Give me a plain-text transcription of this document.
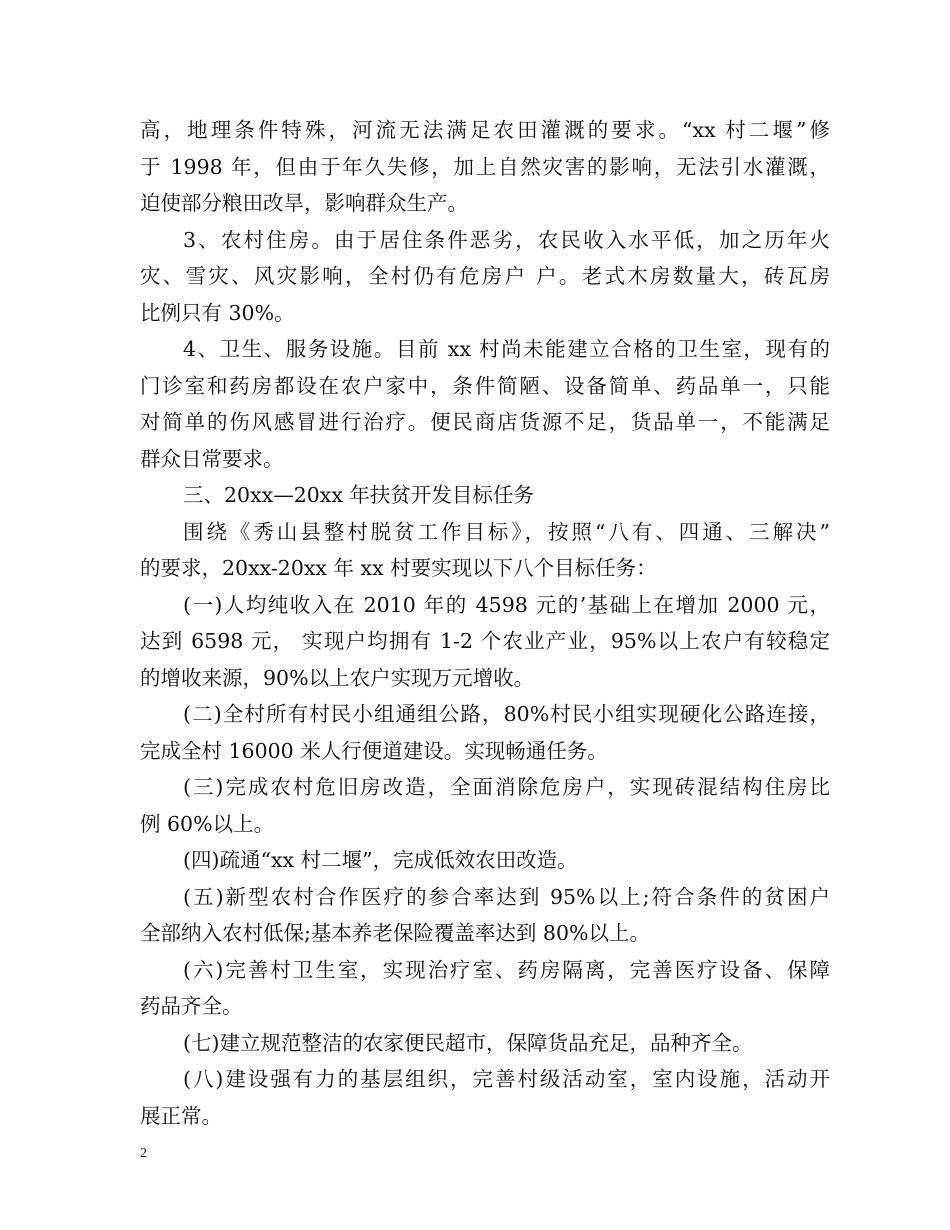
高，地理条件特殊，河流无法满足农田灌溉的要求。“xx 村二堰”修
于 1998 年，但由于年久失修，加上自然灾害的影响，无法引水灌溉，
迫使部分粮田改旱，影响群众生产。
3、农村住房。由于居住条件恶劣，农民收入水平低，加之历年火
灾、雪灾、风灾影响，全村仍有危房户 户。老式木房数量大，砖瓦房
比例只有 30%。
4、卫生、服务设施。目前 xx 村尚未能建立合格的卫生室，现有的
门诊室和药房都设在农户家中，条件简陋、设备简单、药品单一，只能
对简单的伤风感冒进行治疗。便民商店货源不足，货品单一，不能满足
群众日常要求。
三、20xx—20xx 年扶贫开发目标任务
围绕《秀山县整村脱贫工作目标》，按照“八有、四通、三解决”
的要求，20xx-20xx 年 xx 村要实现以下八个目标任务：
(一)人均纯收入在 2010 年的 4598 元的’基础上在增加 2000 元，
达到 6598 元， 实现户均拥有 1-2 个农业产业，95%以上农户有较稳定
的增收来源，90%以上农户实现万元增收。
(二)全村所有村民小组通组公路，80%村民小组实现硬化公路连接，
完成全村 16000 米人行便道建设。实现畅通任务。
(三)完成农村危旧房改造，全面消除危房户，实现砖混结构住房比
例 60%以上。
(四)疏通“xx 村二堰”，完成低效农田改造。
(五)新型农村合作医疗的参合率达到 95%以上;符合条件的贫困户
全部纳入农村低保;基本养老保险覆盖率达到 80%以上。
(六)完善村卫生室，实现治疗室、药房隔离，完善医疗设备、保障
药品齐全。
(七)建立规范整洁的农家便民超市，保障货品充足，品种齐全。
(八)建设强有力的基层组织，完善村级活动室，室内设施，活动开
展正常。
2
